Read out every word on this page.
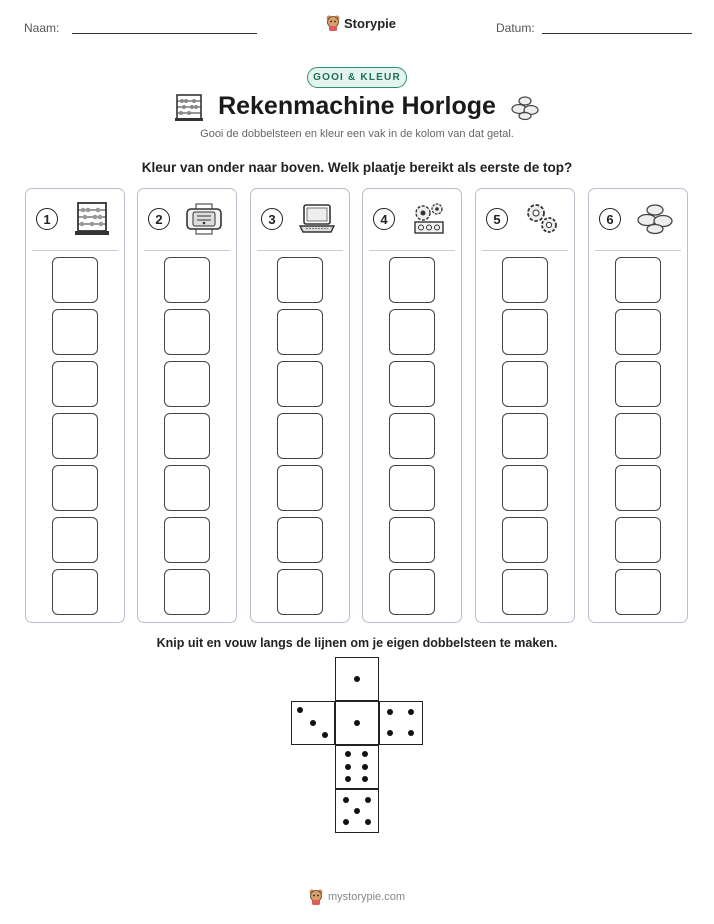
Naam:	Storypie	Datum:
GOOI & KLEUR
Rekenmachine Horloge
Gooi de dobbelsteen en kleur een vak in de kolom van dat getal.
Kleur van onder naar boven. Welk plaatje bereikt als eerste de top?
1	2	3	4	5	6
Knip uit en vouw langs de lijnen om je eigen dobbelsteen te maken.
mystorypie.com
